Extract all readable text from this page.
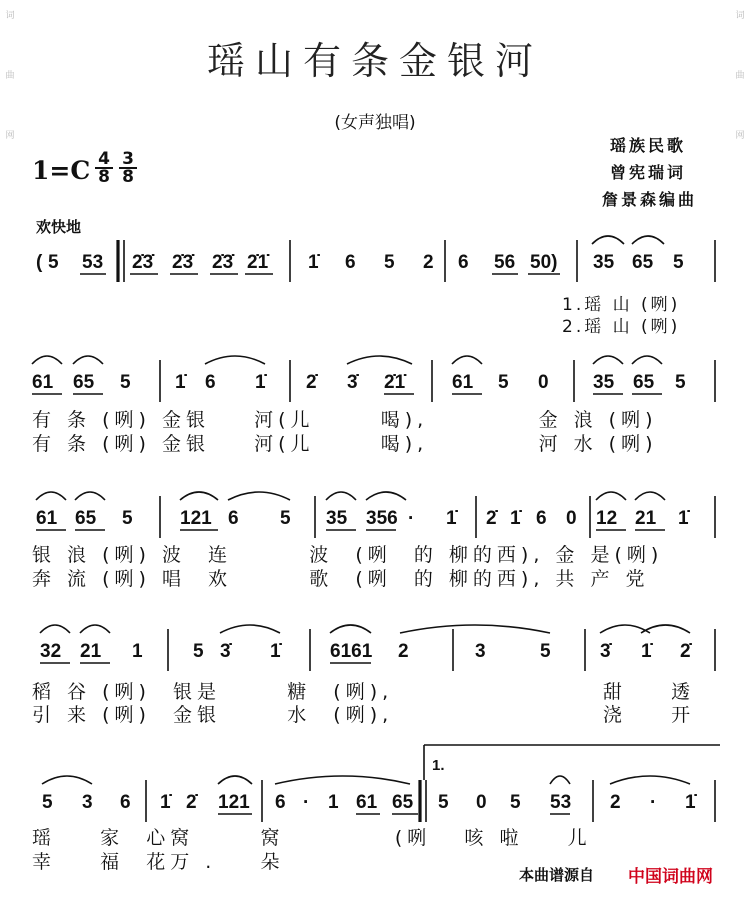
词
曲
网
词
曲
网
瑶山有条金银河
(女声独唱)
瑶族民歌
曾宪瑞词
詹景森编曲
1=C 4
8
3
8
欢快地
( 5 53 2̇3̇ 2̇3̇ 2̇3̇ 2̇1̇ 1̇ 6 5 2 6 56 50) 35 65 5
61 65 5 1̇ 6 1̇ 2̇ 3̇ 2̇1̇ 61 5 0 35 65 5
61 65 5 121 6 5 35 356 · 1̇ 2̇ 1̇ 6 0 12 21 1̇
32 21 1	5 3̇ 1̇	6161 2	3	5	3̇ 1̇ 2̇
5 3 6 1̇ 2̇ 121 6 · 1 61 65 5 0 5 53 2 · 1̇
1.
1.瑶 山 (咧)
2.瑶 山 (咧)
有 条 (咧) 金银    河(儿      喝),          金 浪 (咧)
有 条 (咧) 金银    河(儿      喝),          河 水 (咧)
银 浪 (咧) 波  连       波  (咧  的 柳的西), 金 是(咧)
奔 流 (咧) 唱  欢       歌  (咧  的 柳的西), 共 产 党
稻 谷 (咧)  银是      糖  (咧),                   甜    透
引 来 (咧)  金银      水  (咧),                   浇    开
瑶    家  心窝      窝          (咧   咳 啦    儿
幸    福  花万 .    朵
本曲谱源自 中国词曲网
